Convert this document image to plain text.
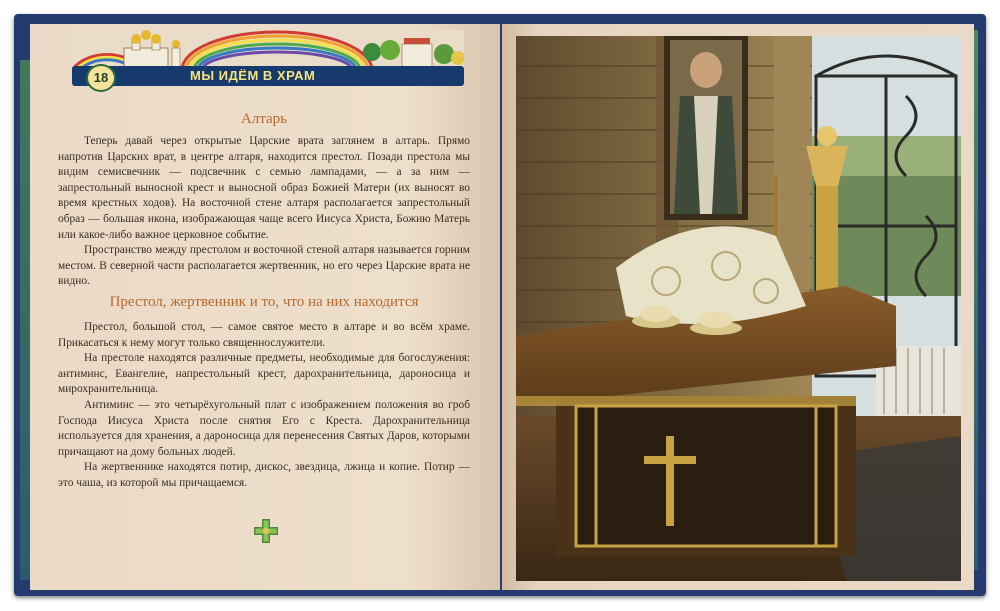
18	МЫ ИДЁМ В ХРАМ
Алтарь

Теперь давай через открытые Царские врата заглянем в алтарь. Прямо напротив Царских врат, в центре алтаря, находится престол. Позади престола мы видим семисвечник — подсвечник с семью лампадами, — а за ним — запрестольный выносной крест и выносной образ Божией Матери (их выносят во время крестных ходов). На восточной стене алтаря располагается запрестольный образ — большая икона, изображающая чаще всего Иисуса Христа, Божию Матерь или какое-либо важное церковное событие.

Пространство между престолом и восточной стеной алтаря называется горним местом. В северной части располагается жертвенник, но его через Царские врата не видно.

Престол, жертвенник и то, что на них находится

Престол, большой стол, — самое святое место в алтаре и во всём храме. Прикасаться к нему могут только священнослужители.

На престоле находятся различные предметы, необходимые для богослужения: антиминс, Евангелие, напрестольный крест, дарохранительница, дароносица и мирохранительница.

Антиминс — это четырёхугольный плат с изображением положения во гроб Господа Иисуса Христа после снятия Его с Креста. Дарохранительница используется для хранения, а дароносица для перенесения Святых Даров, которыми причащают на дому больных людей.

На жертвеннике находятся потир, дискос, звездица, лжица и копие. Потир — это чаша, из которой мы причащаемся.
